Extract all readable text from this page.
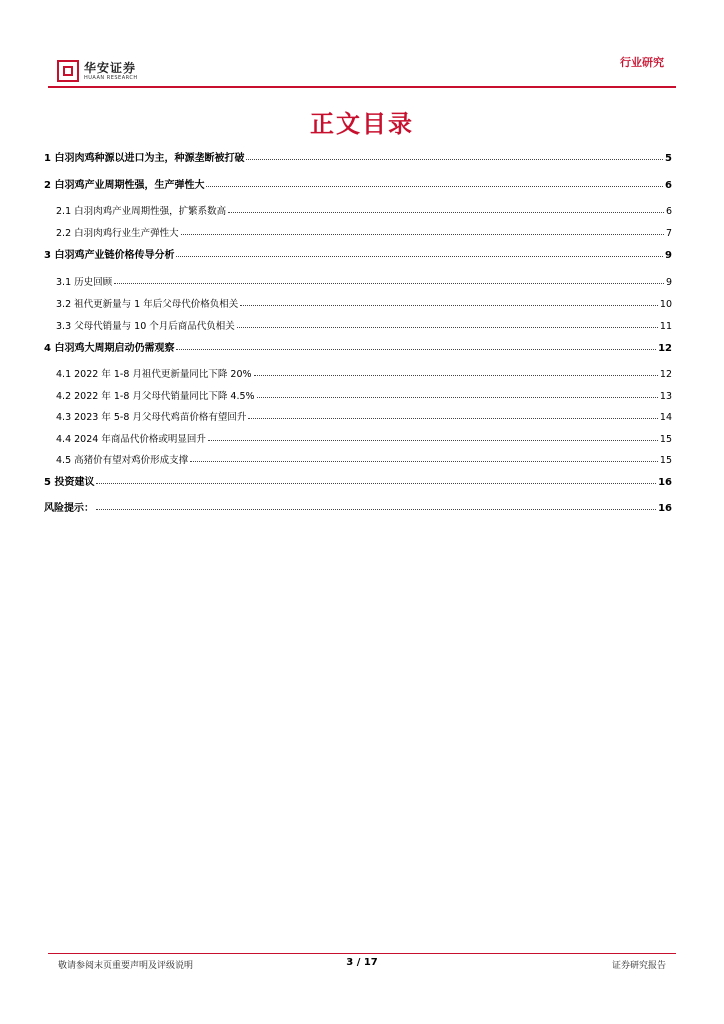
华安证券
HUAAN RESEARCH
行业研究
正文目录
1 白羽肉鸡种源以进口为主，种源垄断被打破	5
2 白羽鸡产业周期性强，生产弹性大	6
2.1 白羽肉鸡产业周期性强，扩繁系数高	6
2.2 白羽肉鸡行业生产弹性大	7
3 白羽鸡产业链价格传导分析	9
3.1 历史回顾	9
3.2 祖代更新量与 1 年后父母代价格负相关	10
3.3 父母代销量与 10 个月后商品代负相关	11
4 白羽鸡大周期启动仍需观察	12
4.1 2022 年 1-8 月祖代更新量同比下降 20%	12
4.2 2022 年 1-8 月父母代销量同比下降 4.5%	13
4.3 2023 年 5-8 月父母代鸡苗价格有望回升	14
4.4 2024 年商品代价格或明显回升	15
4.5 高猪价有望对鸡价形成支撑	15
5 投资建议	16
风险提示：	16
敬请参阅末页重要声明及评级说明	3 / 17	证券研究报告
